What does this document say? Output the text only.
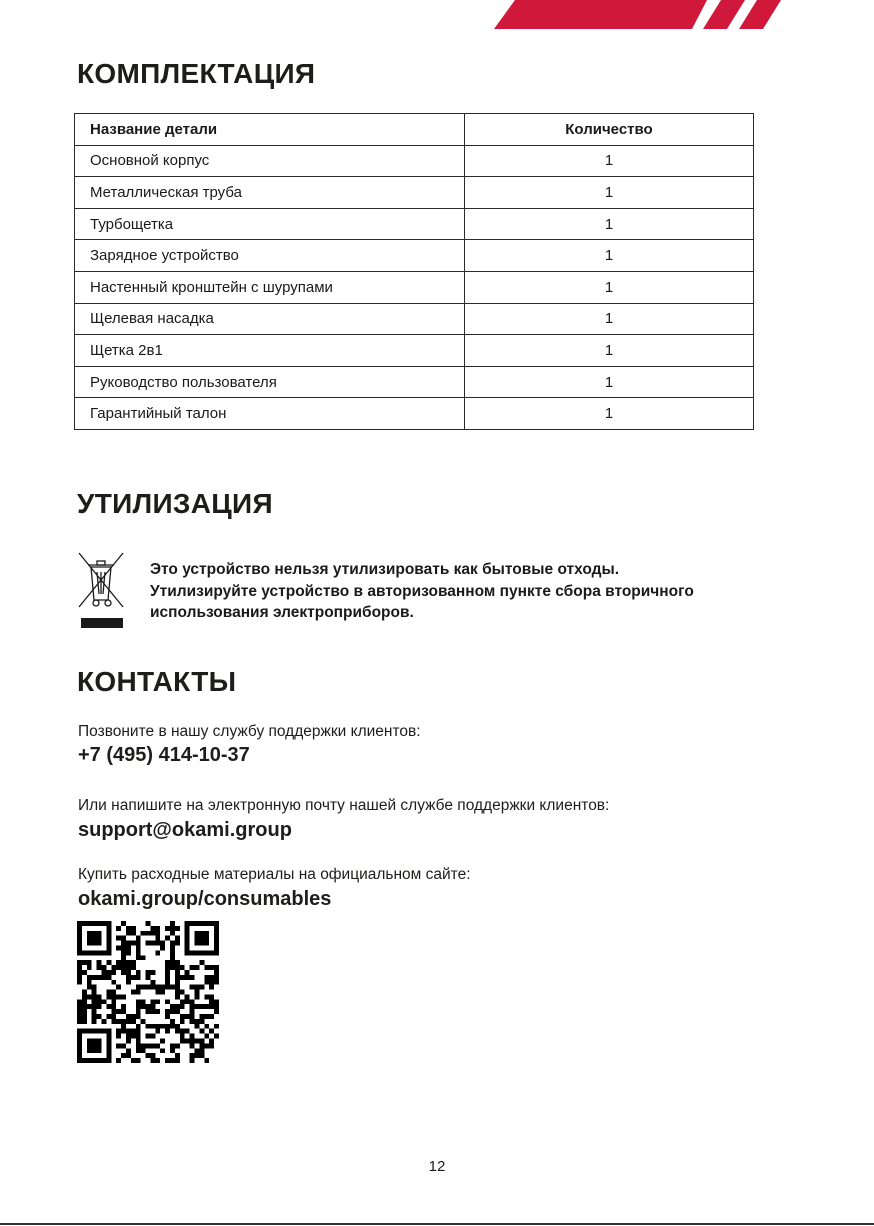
КОМПЛЕКТАЦИЯ
Название детали	Количество
Основной корпус	1
Металлическая труба	1
Турбощетка	1
Зарядное устройство	1
Настенный кронштейн с шурупами	1
Щелевая насадка	1
Щетка 2в1	1
Руководство пользователя	1
Гарантийный талон	1
УТИЛИЗАЦИЯ
Это устройство нельзя утилизировать как бытовые отходы.
Утилизируйте устройство в авторизованном пункте сбора вторичного
использования электроприборов.
КОНТАКТЫ
Позвоните в нашу службу поддержки клиентов:
+7 (495) 414-10-37
Или напишите на электронную почту нашей службе поддержки клиентов:
support@okami.group
Купить расходные материалы на официальном сайте:
okami.group/consumables
12
